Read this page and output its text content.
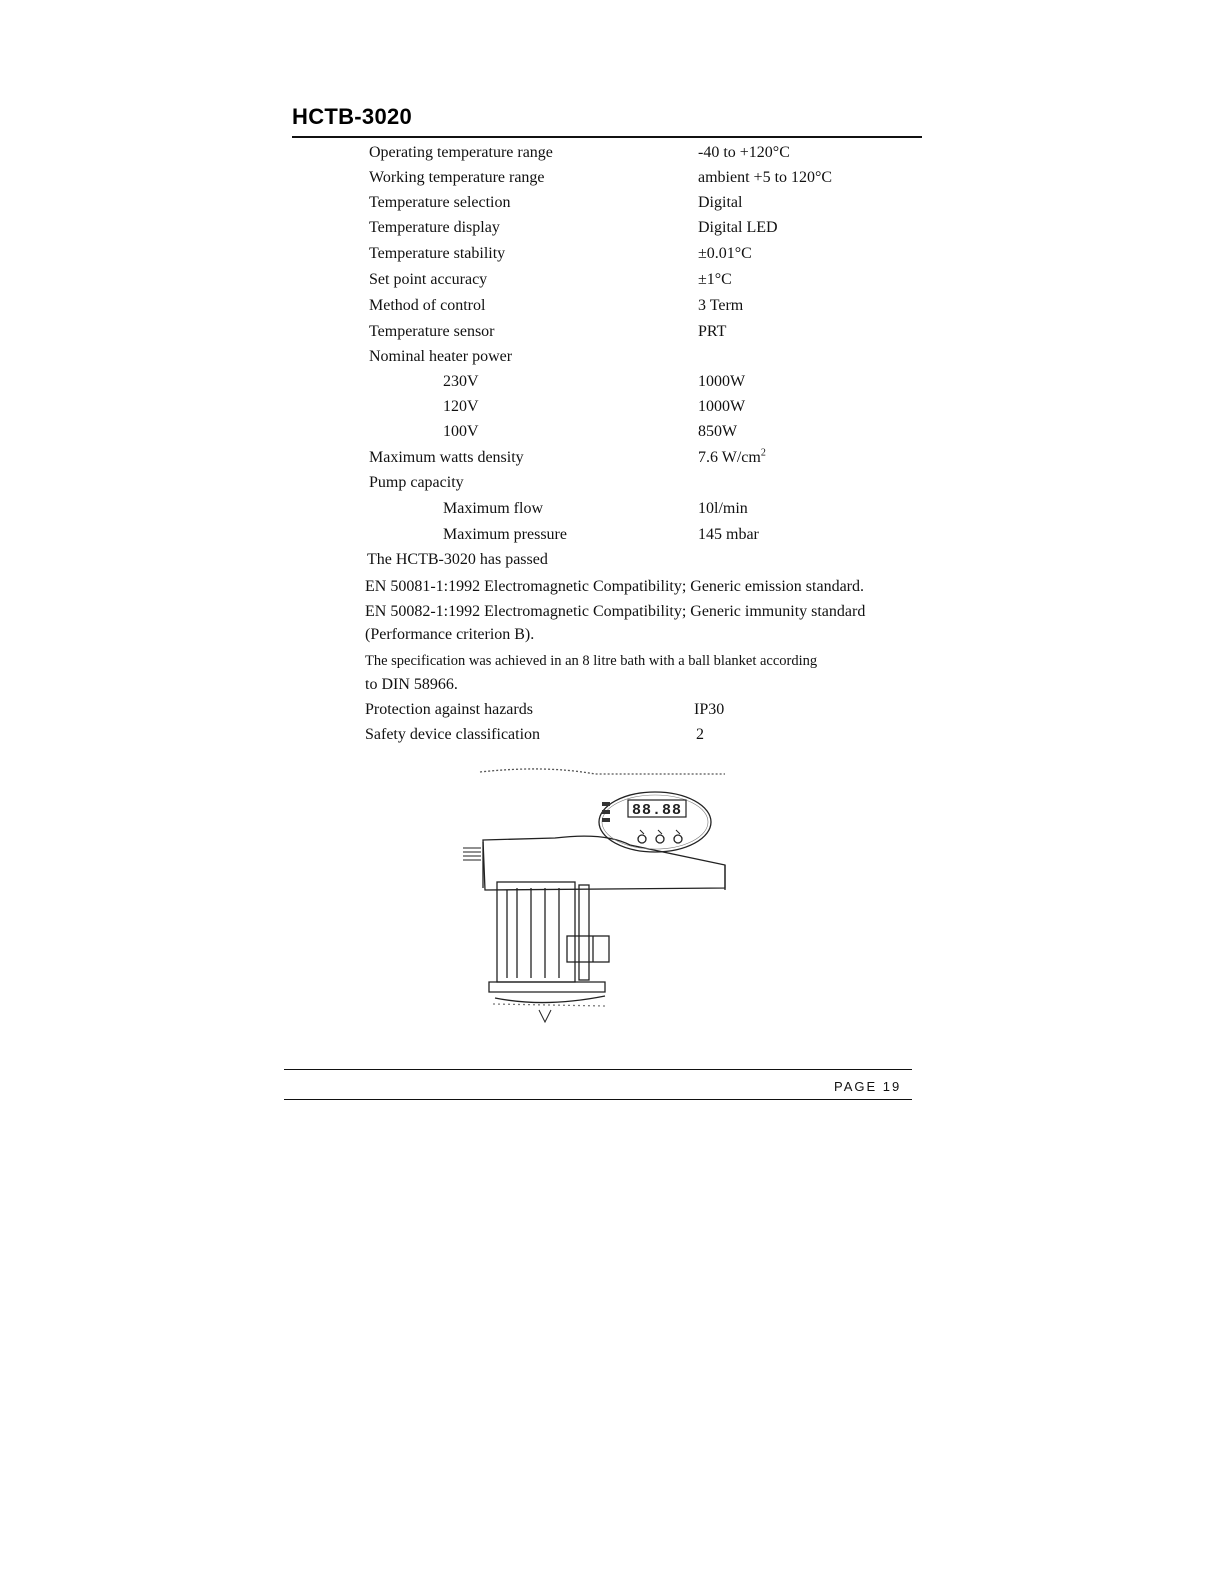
HCTB-3020
Operating temperature range	-40 to +120°C
Working temperature range	ambient +5 to 120°C
Temperature selection	Digital
Temperature display	Digital LED
Temperature stability	±0.01°C
Set point accuracy	±1°C
Method of control	3 Term
Temperature sensor	PRT
Nominal heater power
230V	1000W
120V	1000W
100V	850W
Maximum watts density	7.6 $W/cm^2$
Pump capacity
Maximum flow	10l/min
Maximum pressure	145 mbar
The HCTB-3020 has passed
EN 50081-1:1992 Electromagnetic Compatibility; Generic emission standard.
EN 50082-1:1992 Electromagnetic Compatibility; Generic immunity standard
(Performance criterion B).
The specification was achieved in an 8 litre bath with a ball blanket according
to DIN 58966.
Protection against hazards	IP30
Safety device classification	2
88.88
PAGE 19
